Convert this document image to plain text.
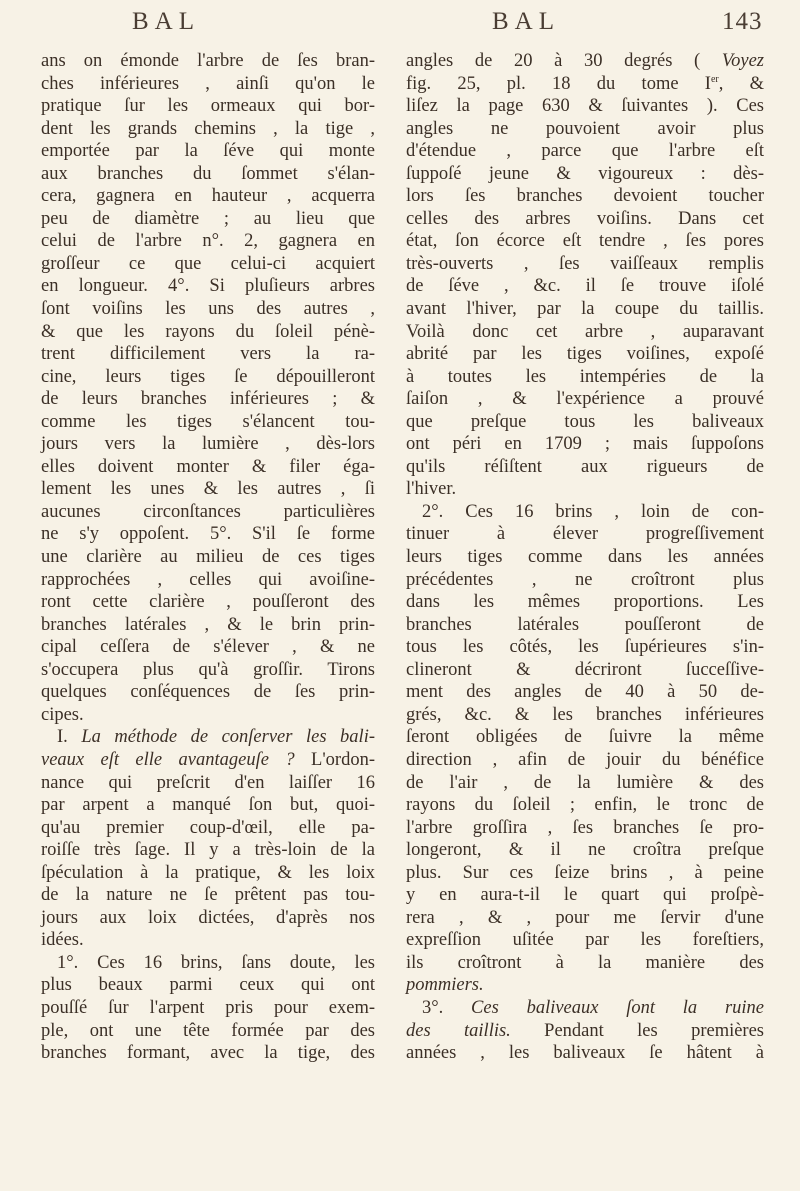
BAL	BAL	143
ans on émonde l'arbre de ſes bran-
ches inférieures , ainſi qu'on le
pratique ſur les ormeaux qui bor-
dent les grands chemins , la tige ,
emportée par la ſéve qui monte
aux branches du ſommet s'élan-
cera, gagnera en hauteur , acquerra
peu de diamètre ; au lieu que
celui de l'arbre n°. 2, gagnera en
groſſeur ce que celui-ci acquiert
en longueur. 4°. Si pluſieurs arbres
ſont voiſins les uns des autres ,
& que les rayons du ſoleil pénè-
trent difficilement vers la ra-
cine, leurs tiges ſe dépouilleront
de leurs branches inférieures ; &
comme les tiges s'élancent tou-
jours vers la lumière , dès-lors
elles doivent monter & filer éga-
lement les unes & les autres , ſi
aucunes circonſtances particulières
ne s'y oppoſent. 5°. S'il ſe forme
une clarière au milieu de ces tiges
rapprochées , celles qui avoiſine-
ront cette clarière , pouſſeront des
branches latérales , & le brin prin-
cipal ceſſera de s'élever , & ne
s'occupera plus qu'à groſſir. Tirons
quelques conſéquences de ſes prin-
cipes.
I. La méthode de conſerver les bali-
veaux eſt elle avantageuſe ? L'ordon-
nance qui preſcrit d'en laiſſer 16
par arpent a manqué ſon but, quoi-
qu'au premier coup-d'œil, elle pa-
roiſſe très ſage. Il y a très-loin de la
ſpéculation à la pratique, & les loix
de la nature ne ſe prêtent pas tou-
jours aux loix dictées, d'après nos
idées.
1°. Ces 16 brins, ſans doute, les
plus beaux parmi ceux qui ont
pouſſé ſur l'arpent pris pour exem-
ple, ont une tête formée par des
branches formant, avec la tige, des
angles de 20 à 30 degrés ( Voyez
fig. 25, pl. 18 du tome Ier, &
liſez la page 630 & ſuivantes ). Ces
angles ne pouvoient avoir plus
d'étendue , parce que l'arbre eſt
ſuppoſé jeune & vigoureux : dès-
lors ſes branches devoient toucher
celles des arbres voiſins. Dans cet
état, ſon écorce eſt tendre , ſes pores
très-ouverts , ſes vaiſſeaux remplis
de ſéve , &c. il ſe trouve iſolé
avant l'hiver, par la coupe du taillis.
Voilà donc cet arbre , auparavant
abrité par les tiges voiſines, expoſé
à toutes les intempéries de la
ſaiſon , & l'expérience a prouvé
que preſque tous les baliveaux
ont péri en 1709 ; mais ſuppoſons
qu'ils réſiſtent aux rigueurs de
l'hiver.
2°. Ces 16 brins , loin de con-
tinuer à élever progreſſivement
leurs tiges comme dans les années
précédentes , ne croîtront plus
dans les mêmes proportions. Les
branches latérales pouſſeront de
tous les côtés, les ſupérieures s'in-
clineront & décriront ſucceſſive-
ment des angles de 40 à 50 de-
grés, &c. & les branches inférieures
ſeront obligées de ſuivre la même
direction , afin de jouir du bénéfice
de l'air , de la lumière & des
rayons du ſoleil ; enfin, le tronc de
l'arbre groſſira , ſes branches ſe pro-
longeront, & il ne croîtra preſque
plus. Sur ces ſeize brins , à peine
y en aura-t-il le quart qui proſpè-
rera , & , pour me ſervir d'une
expreſſion uſitée par les foreſtiers,
ils croîtront à la manière des
pommiers.
3°. Ces baliveaux ſont la ruine
des taillis. Pendant les premières
années , les baliveaux ſe hâtent à
